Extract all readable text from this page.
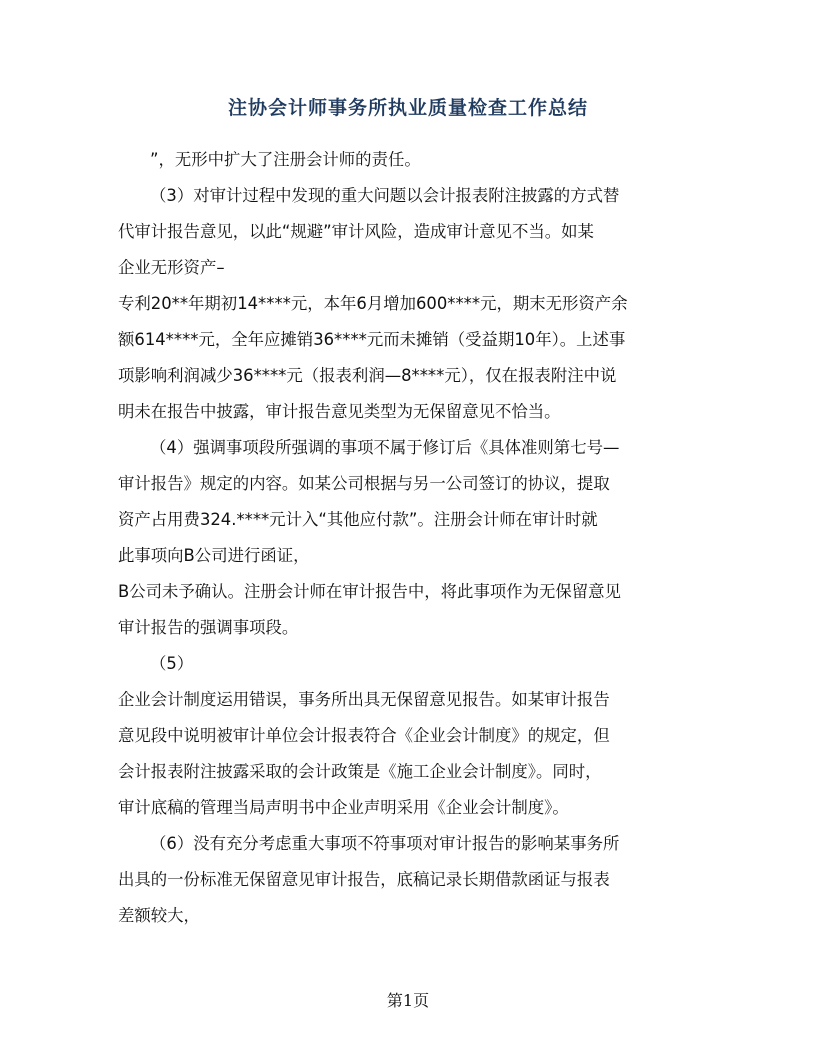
注协会计师事务所执业质量检查工作总结
”，无形中扩大了注册会计师的责任。
（3）对审计过程中发现的重大问题以会计报表附注披露的方式替
代审计报告意见，以此“规避”审计风险，造成审计意见不当。如某
企业无形资产–
专利20**年期初14****元，本年6月增加600****元，期末无形资产余
额614****元，全年应摊销36****元而未摊销（受益期10年）。上述事
项影响利润减少36****元（报表利润—8****元），仅在报表附注中说
明未在报告中披露，审计报告意见类型为无保留意见不恰当。
（4）强调事项段所强调的事项不属于修订后《具体准则第七号—
审计报告》规定的内容。如某公司根据与另一公司签订的协议，提取
资产占用费324.****元计入“其他应付款”。注册会计师在审计时就
此事项向B公司进行函证，
B公司未予确认。注册会计师在审计报告中，将此事项作为无保留意见
审计报告的强调事项段。
（5）
企业会计制度运用错误，事务所出具无保留意见报告。如某审计报告
意见段中说明被审计单位会计报表符合《企业会计制度》的规定，但
会计报表附注披露采取的会计政策是《施工企业会计制度》。同时，
审计底稿的管理当局声明书中企业声明采用《企业会计制度》。
（6）没有充分考虑重大事项不符事项对审计报告的影响某事务所
出具的一份标准无保留意见审计报告，底稿记录长期借款函证与报表
差额较大，
第1页
